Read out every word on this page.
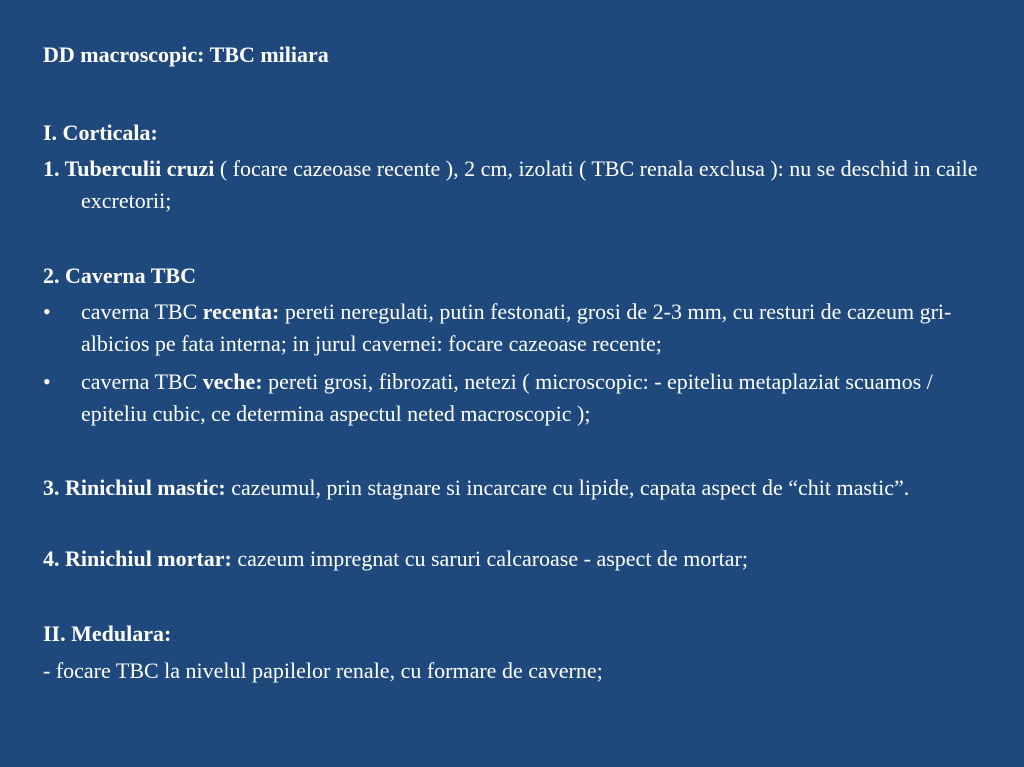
DD macroscopic: TBC miliara
I. Corticala:
1. Tuberculii cruzi ( focare cazeoase recente ), 2 cm, izolati ( TBC renala exclusa ): nu se deschid in caile excretorii;
2. Caverna TBC
• caverna TBC recenta: pereti neregulati, putin festonati, grosi de 2-3 mm, cu resturi de cazeum gri-albicios pe fata interna; in jurul cavernei: focare cazeoase recente;
• caverna TBC veche: pereti grosi, fibrozati, netezi ( microscopic: - epiteliu metaplaziat scuamos / epiteliu cubic, ce determina aspectul neted macroscopic );
3. Rinichiul mastic: cazeumul, prin stagnare si incarcare cu lipide, capata aspect de “chit mastic”.
4. Rinichiul mortar: cazeum impregnat cu saruri calcaroase - aspect de mortar;
II. Medulara:
- focare TBC la nivelul papilelor renale, cu formare de caverne;
